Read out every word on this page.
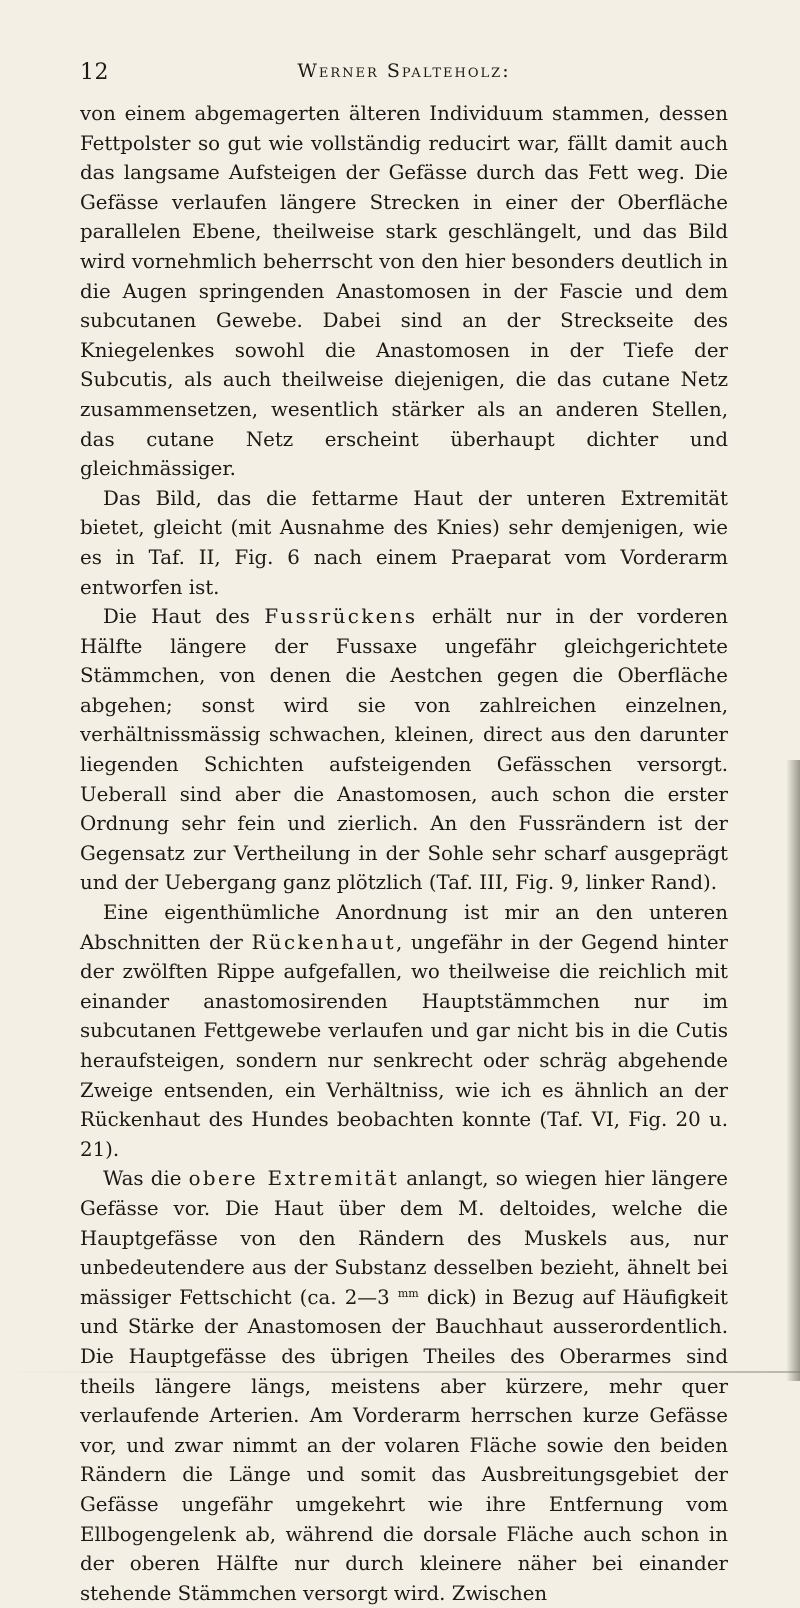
12	Werner Spalteholz:

von einem abgemagerten älteren Individuum stammen, dessen Fettpolster so gut wie vollständig reducirt war, fällt damit auch das langsame Aufsteigen der Gefässe durch das Fett weg. Die Gefässe verlaufen längere Strecken in einer der Oberfläche parallelen Ebene, theilweise stark geschlängelt, und das Bild wird vornehmlich beherrscht von den hier besonders deutlich in die Augen springenden Anastomosen in der Fascie und dem subcutanen Gewebe. Dabei sind an der Streckseite des Kniegelenkes sowohl die Anastomosen in der Tiefe der Subcutis, als auch theilweise diejenigen, die das cutane Netz zusammensetzen, wesentlich stärker als an anderen Stellen, das cutane Netz erscheint überhaupt dichter und gleichmässiger.

Das Bild, das die fettarme Haut der unteren Extremität bietet, gleicht (mit Ausnahme des Knies) sehr demjenigen, wie es in Taf. II, Fig. 6 nach einem Praeparat vom Vorderarm entworfen ist.

Die Haut des Fussrückens erhält nur in der vorderen Hälfte längere der Fussaxe ungefähr gleichgerichtete Stämmchen, von denen die Aestchen gegen die Oberfläche abgehen; sonst wird sie von zahlreichen einzelnen, verhältnissmässig schwachen, kleinen, direct aus den darunter liegenden Schichten aufsteigenden Gefässchen versorgt. Ueberall sind aber die Anastomosen, auch schon die erster Ordnung sehr fein und zierlich. An den Fussrändern ist der Gegensatz zur Vertheilung in der Sohle sehr scharf ausgeprägt und der Uebergang ganz plötzlich (Taf. III, Fig. 9, linker Rand).

Eine eigenthümliche Anordnung ist mir an den unteren Abschnitten der Rückenhaut, ungefähr in der Gegend hinter der zwölften Rippe aufgefallen, wo theilweise die reichlich mit einander anastomosirenden Hauptstämmchen nur im subcutanen Fettgewebe verlaufen und gar nicht bis in die Cutis heraufsteigen, sondern nur senkrecht oder schräg abgehende Zweige entsenden, ein Verhältniss, wie ich es ähnlich an der Rückenhaut des Hundes beobachten konnte (Taf. VI, Fig. 20 u. 21).

Was die obere Extremität anlangt, so wiegen hier längere Gefässe vor. Die Haut über dem M. deltoides, welche die Hauptgefässe von den Rändern des Muskels aus, nur unbedeutendere aus der Substanz desselben bezieht, ähnelt bei mässiger Fettschicht (ca. 2—3 $^{mm}$ dick) in Bezug auf Häufigkeit und Stärke der Anastomosen der Bauchhaut ausserordentlich. Die Hauptgefässe des übrigen Theiles des Oberarmes sind theils längere längs, meistens aber kürzere, mehr quer verlaufende Arterien. Am Vorderarm herrschen kurze Gefässe vor, und zwar nimmt an der volaren Fläche sowie den beiden Rändern die Länge und somit das Ausbreitungsgebiet der Gefässe ungefähr umgekehrt wie ihre Entfernung vom Ellbogengelenk ab, während die dorsale Fläche auch schon in der oberen Hälfte nur durch kleinere näher bei einander stehende Stämmchen versorgt wird. Zwischen
